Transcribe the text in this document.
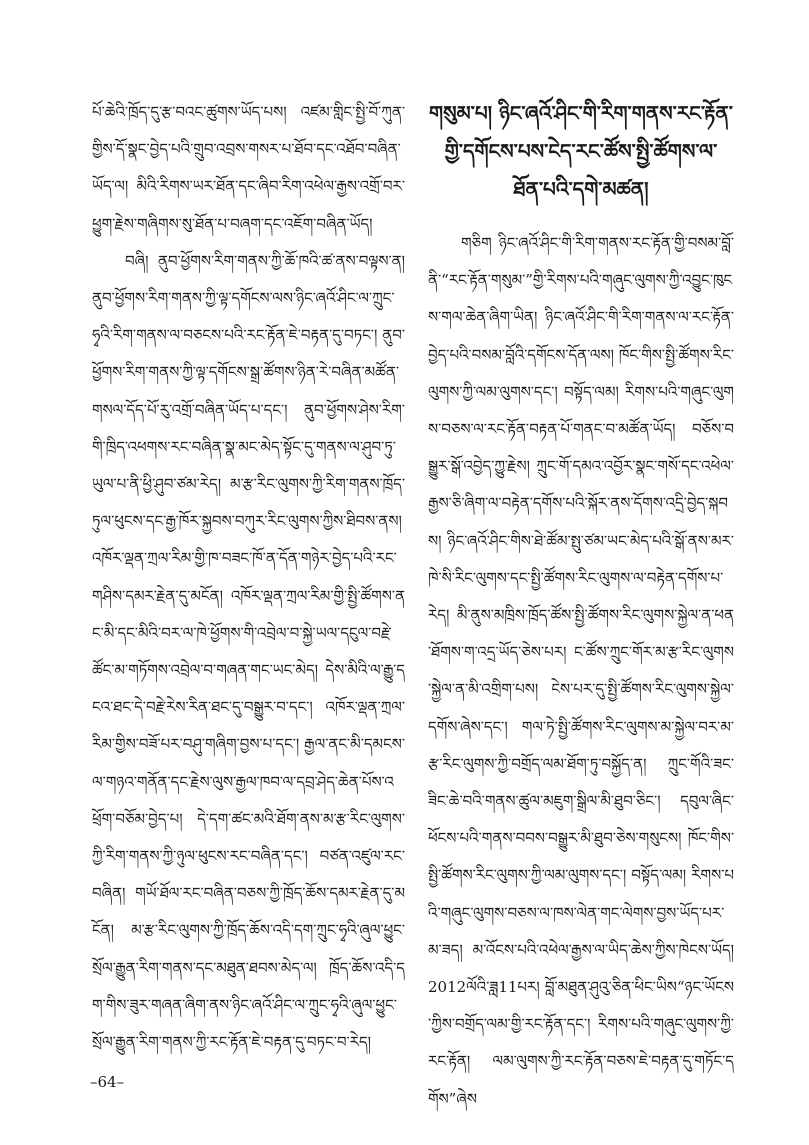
པོ་ཆེའི་ཁྲོད་དུ་རྩ་བའང་ཚུགས་ཡོད་པས། འཛམ་གླིང་སྤྱི་བོ་ཀུན་གྱིས་དོ་སྣང་བྱེད་པའི་གྲུབ་འབྲས་གསར་པ་ཐོབ་དང་འཐོབ་བཞིན་ཡོད་ལ། མིའི་རིགས་ཡར་ཐོན་དང་ཞིབ་རིག་འཕེལ་རྒྱས་འགྲོ་བར་ཕྱུག་རྗེས་གཞིགས་སུ་ཐོན་པ་བཞག་དང་འཇོག་བཞིན་ཡོད།

བཞི། ནུབ་ཕྱོགས་རིག་གནས་ཀྱི་ཆོ་ཁའི་ཚ་ནས་བལྟས་ན། ནུབ་ཕྱོགས་རིག་གནས་ཀྱི་ལྟ་དགོངས་ལས་ཉིང་ཞའོ་ཤིང་ལ་ཀྲུང་ཧྭའི་རིག་གནས་ལ་བཅངས་པའི་རང་རྟོན་ཇེ་བརྟན་དུ་བཏང་། ནུབ་ཕྱོགས་རིག་གནས་ཀྱི་ལྟ་དགོངས་སྒྲ་ཚོགས་ཉིན་རེ་བཞིན་མཚོན་གསལ་དོད་པོ་རུ་འགྲོ་བཞིན་ཡོད་པ་དང་། ནུབ་ཕྱོགས་ཤེས་རིག་གི་ཁྲིད་འཕགས་རང་བཞིན་སྣ་མང་མེད་སྟོང་དུ་གནས་ལ་ཤུབ་ཏུ་ཡུལ་པ་ནི་ཕྱི་ཤུབ་ཙམ་རེད། མ་རྩ་རིང་ལུགས་ཀྱི་རིག་གནས་ཁྲོད་ཏུལ་ཕུངས་དང་རྒྱ་ཁོར་སྐྱབས་བཀུར་རིང་ལུགས་ཀྱིས་ཐིབས་ནས། འཁོར་ལྡན་ཀྲལ་རིམ་གྱི་ཁ་བཟང་ཁོ་ན་དོན་གཉེར་བྱེད་པའི་རང་གཤིས་དམར་རྗེན་དུ་མངོན། འཁོར་ལྡན་ཀྲལ་རིམ་གྱི་སྤྱི་ཚོགས་ནང་མི་དང་མིའི་བར་ལ་ཁེ་ཕྱོགས་གི་འབྲེལ་བ་སྐྱེ་ཡལ་དངུལ་བརྗེ་ཚོང་མ་གཏོགས་འབྲེལ་བ་གཞན་གང་ཡང་མེད། དེས་མིའི་ལ་རྒྱུ་དངའ་ཐང་དེ་བརྗེ་རེས་རིན་ཐང་དུ་བསྒྱུར་བ་དང་། འཁོར་ལྡན་ཀྲལ་རིམ་གྱིས་བཟོ་པར་བཤུ་གཞིག་བྱས་པ་དང་། རྒྱལ་ནང་མི་དམངས་ལ་གཉའ་གནོན་དང་རྗེས་ལུས་རྒྱལ་ཁབ་ལ་དབྲ་ཤེད་ཆེན་པོས་འཕྲོག་བཅོམ་བྱེད་པ། དེ་དག་ཚང་མའི་ཐོག་ནས་མ་རྩ་རིང་ལུགས་ཀྱི་རིག་གནས་ཀྱི་ཉུལ་ཕུངས་རང་བཞིན་དང་། བཙན་འཛུལ་རང་བཞིན། གཡོ་ཐོལ་རང་བཞིན་བཅས་ཀྱི་ཁྲོད་ཆོས་དམར་རྗེན་དུ་མངོན། མ་རྩ་རིང་ལུགས་ཀྱི་ཁྲོད་ཆོས་འདི་དག་ཀྲུང་ཧྭའི་ཞུལ་ཕྱུང་སྲོལ་རྒྱུན་རིག་གནས་དང་མཐུན་ཐབས་མེད་ལ། ཁྲོད་ཆོས་འདི་དག་གིས་ཟུར་གཞན་ཞིག་ནས་ཉིང་ཞའོ་ཤིང་ལ་ཀྲུང་ཧྭའི་ཞུལ་ཕྱུང་སྲོལ་རྒྱུན་རིག་གནས་ཀྱི་རང་རྟོན་ཇེ་བརྟན་དུ་བཏང་བ་རེད།

གསུམ་པ། ཉིང་ཞའོ་ཤིང་གི་རིག་གནས་རང་རྟོན་
གྱི་དགོངས་པས་ངེད་རང་ཚོས་སྤྱི་ཚོགས་ལ་
ཐོན་པའི་དགེ་མཚན།

གཅིག ཉིང་ཞའོ་ཤིང་གི་རིག་གནས་རང་རྟོན་གྱི་བསམ་བློ་ནི་“རང་རྟོན་གསུམ་”གྱི་རིགས་པའི་གཞུང་ལུགས་ཀྱི་འབྱུང་ཁུངས་གལ་ཆེན་ཞིག་ཡིན། ཉིང་ཞའོ་ཤིང་གི་རིག་གནས་ལ་རང་རྟོན་བྱེད་པའི་བསམ་བློའི་དགོངས་དོན་ལས། ཁོང་གིས་སྤྱི་ཚོགས་རིང་ལུགས་ཀྱི་ལམ་ལུགས་དང་། བསྟོད་ལམ། རིགས་པའི་གཞུང་ལུགས་བཅས་ལ་རང་རྟོན་བརྟན་པོ་གནང་བ་མཚོན་ཡོད། བཅོས་བསྒྱུར་སྒོ་འབྱེད་ཀྱུ་རྗེས། ཀྲུང་གོ་དམའ་འབྱོར་སྣང་གསོ་དང་འཕེལ་རྒྱས་ཅི་ཞིག་ལ་བརྟེན་དགོས་པའི་སྐོར་ནས་དོགས་འདྲི་བྱེད་སྐབས། ཉིང་ཞའོ་ཤིང་གིས་ཐེ་ཚོམ་སྤུ་ཙམ་ཡང་མེད་པའི་སྒོ་ནས་མར་ཁེ་སི་རིང་ལུགས་དང་སྤྱི་ཚོགས་རིང་ལུགས་ལ་བརྟེན་དགོས་པ་རེད། མི་ནུས་མཁྲིས་ཁྲོད་ཚོས་སྤྱི་ཚོགས་རིང་ལུགས་སྐྱེལ་ན་ཕན་ཐོགས་ག་འདྲ་ཡོད་ཅེས་པར། ང་ཚོས་ཀྲུང་གོར་མ་རྩ་རིང་ལུགས་སྐྱེལ་ན་མི་འགྲིག་པས། ངེས་པར་དུ་སྤྱི་ཚོགས་རིང་ལུགས་སྐྱེལ་དགོས་ཞེས་དང་། གལ་ཏེ་སྤྱི་ཚོགས་རིང་ལུགས་མ་སྐྱེལ་བར་མ་རྩ་རིང་ལུགས་ཀྱི་བགྲོད་ལམ་ཐོག་ཏུ་བསྐྱོད་ན། ཀྲུང་གོའི་ཟང་ཟིང་ཆེ་བའི་གནས་ཚུལ་མཇུག་སྒྲིལ་མི་ཐུབ་ཅིང་། དབུལ་ཞིང་ཕོངས་པའི་གནས་བབས་བསྒྱུར་མི་ཐུབ་ཅེས་གསུངས། ཁོང་གིས་སྤྱི་ཚོགས་རིང་ལུགས་ཀྱི་ལམ་ལུགས་དང་། བསྟོད་ལམ། རིགས་པའི་གཞུང་ལུགས་བཅས་ལ་ཁས་ལེན་གང་ལེགས་བྱས་ཡོད་པར་མ་ཟད། མ་འོངས་པའི་འཕེལ་རྒྱས་ལ་ཡིད་ཆེས་ཀྱིས་ཁེངས་ཡོད། 2012ལོའི་ཟླ11པར། བློ་མཐུན་ཤུའུ་ཅིན་ཕིང་ཡིས“ཉང་ཡོངས་ཀྱིས་བགྲོད་ལམ་གྱི་རང་རྟོན་དང་། རིགས་པའི་གཞུང་ལུགས་ཀྱི་རང་རྟོན། ལམ་ལུགས་ཀྱི་རང་རྟོན་བཅས་ཇེ་བརྟན་དུ་གཏོང་དགོས”ཞེས

–64–
